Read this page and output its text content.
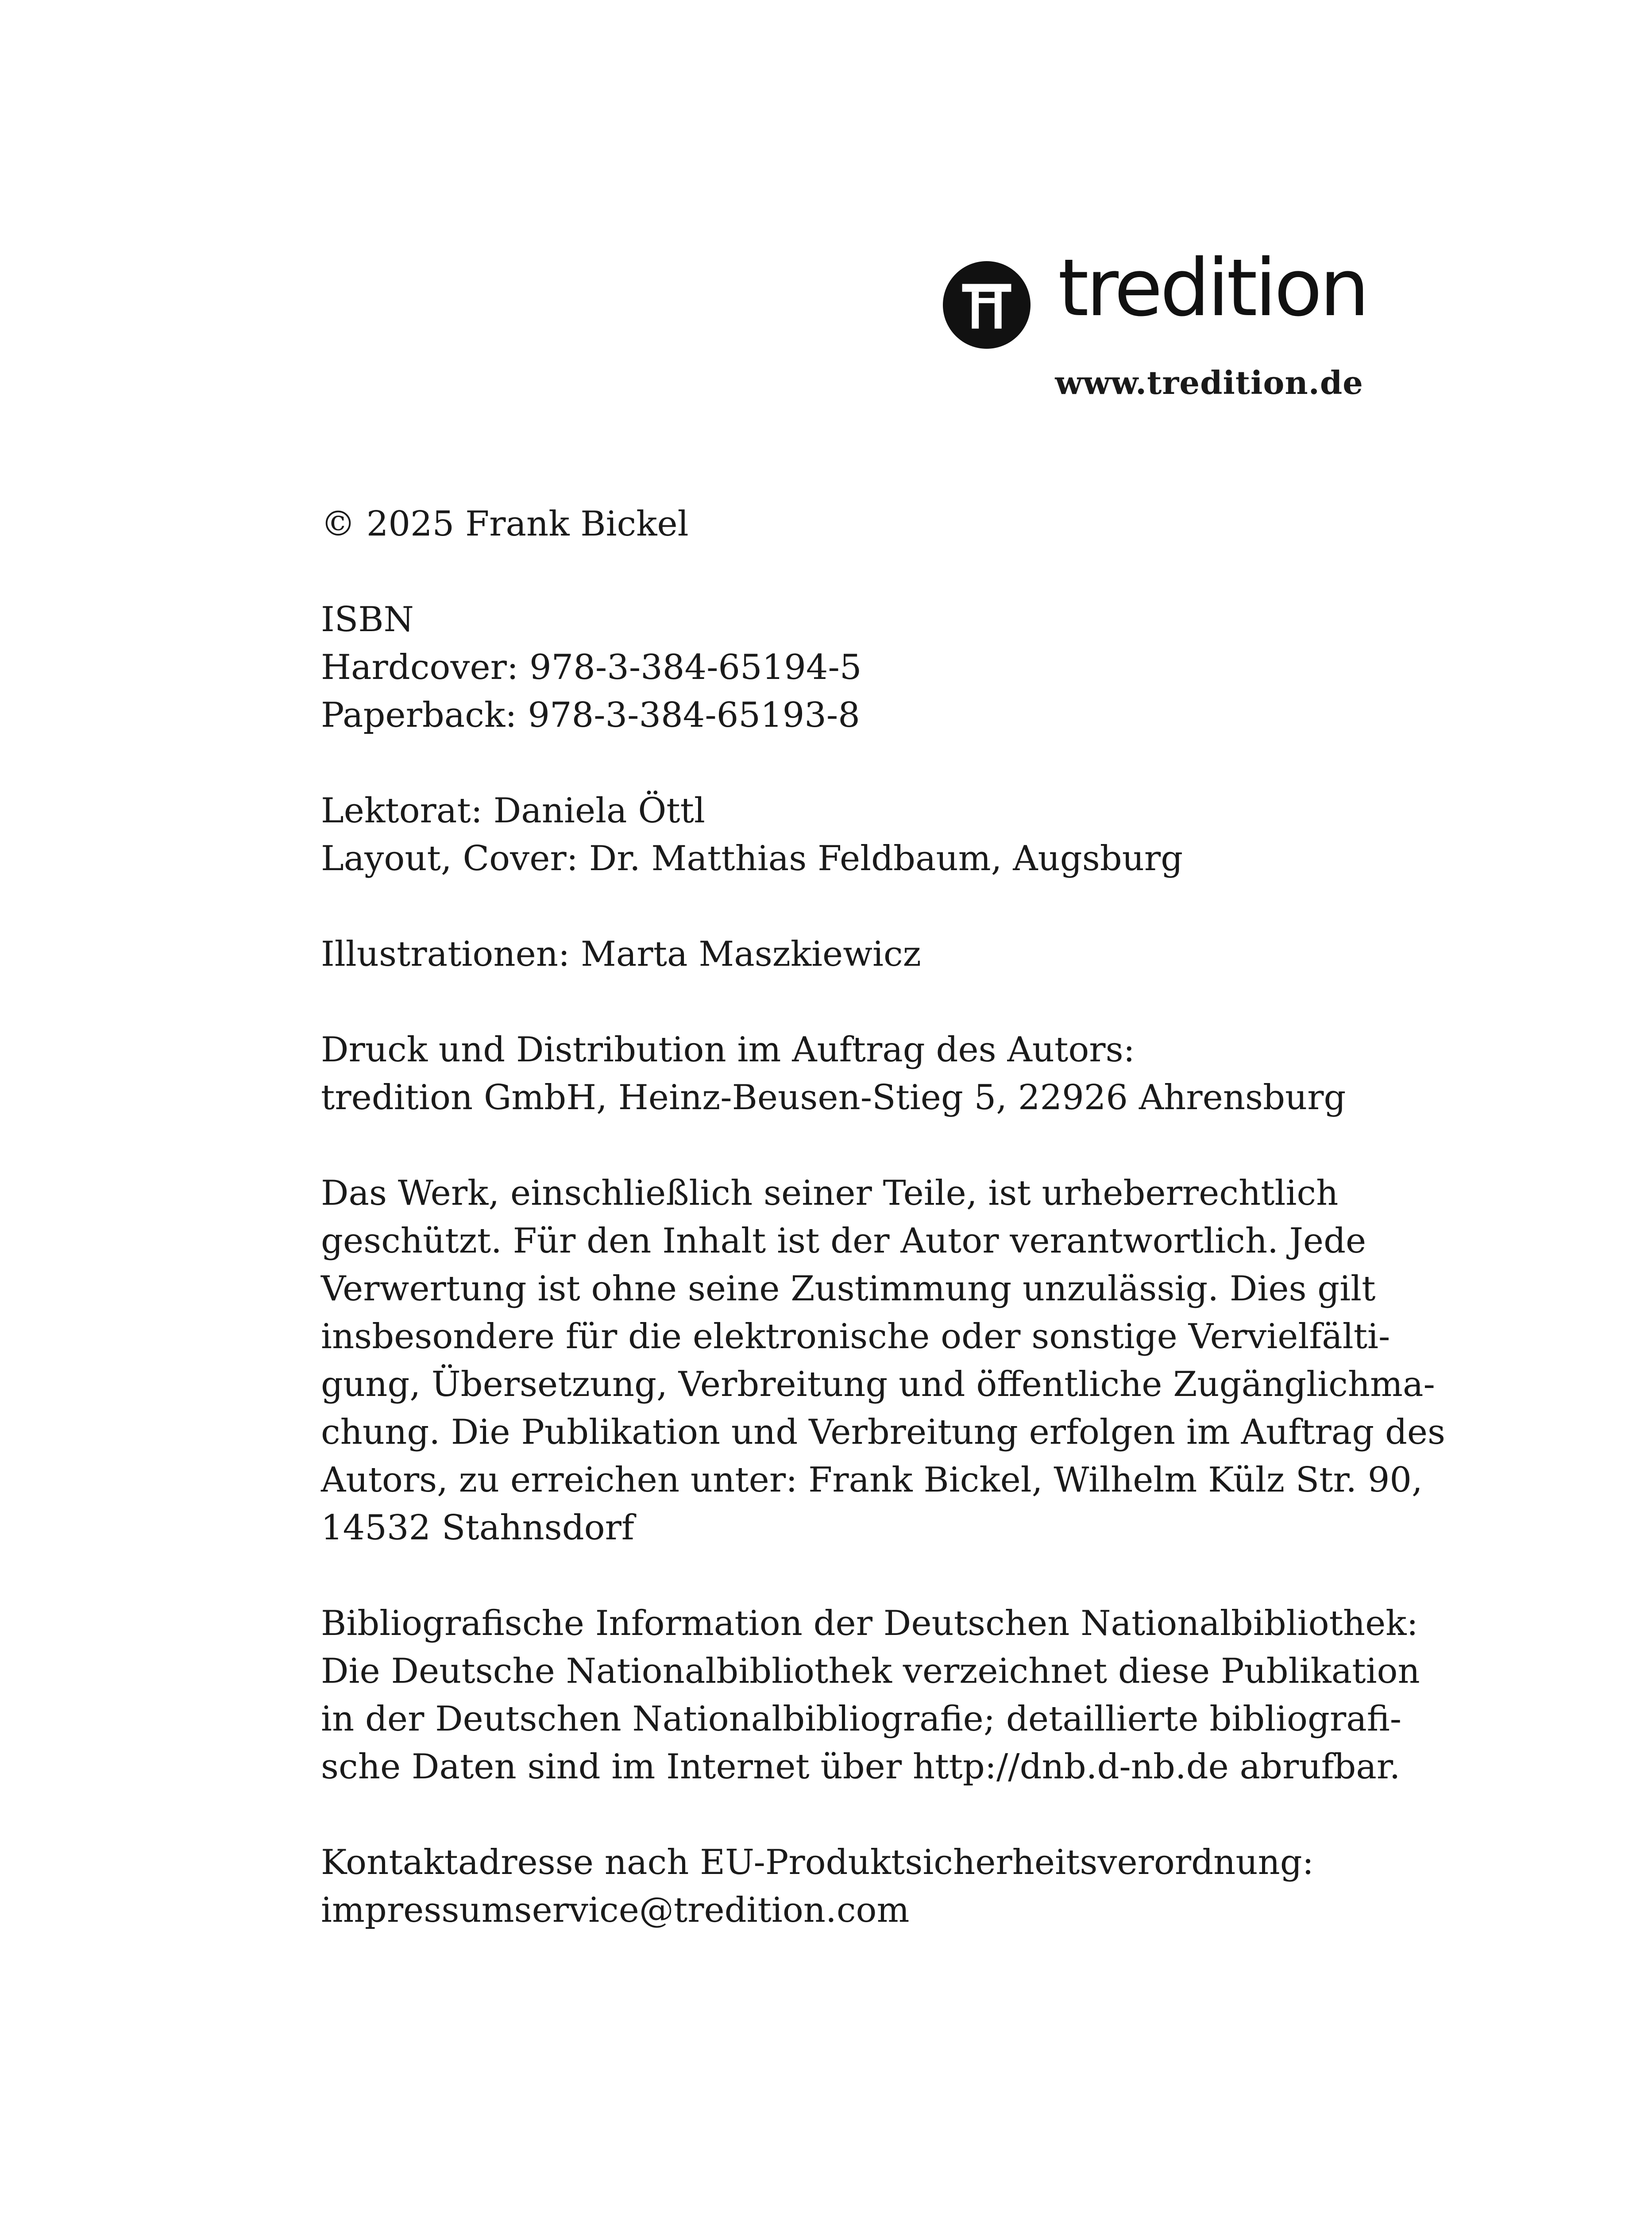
tredition
www.tredition.de

© 2025 Frank Bickel

ISBN

Hardcover: 978-3-384-65194-5

Paperback: 978-3-384-65193-8

Lektorat: Daniela Öttl

Layout, Cover: Dr. Matthias Feldbaum, Augsburg

Illustrationen: Marta Maszkiewicz

Druck und Distribution im Auftrag des Autors:

tredition GmbH, Heinz-Beusen-Stieg 5, 22926 Ahrensburg

Das Werk, einschließlich seiner Teile, ist urheberrechtlich

geschützt. Für den Inhalt ist der Autor verantwortlich. Jede

Verwertung ist ohne seine Zustimmung unzulässig. Dies gilt

insbesondere für die elektronische oder sonstige Vervielfälti-

gung, Übersetzung, Verbreitung und öffentliche Zugänglichma-

chung. Die Publikation und Verbreitung erfolgen im Auftrag des

Autors, zu erreichen unter: Frank Bickel, Wilhelm Külz Str. 90,

14532 Stahnsdorf

Bibliografische Information der Deutschen Nationalbibliothek:

Die Deutsche Nationalbibliothek verzeichnet diese Publikation

in der Deutschen Nationalbibliografie; detaillierte bibliografi-

sche Daten sind im Internet über http://dnb.d-nb.de abrufbar.

Kontaktadresse nach EU-Produktsicherheitsverordnung:

impressumservice@tredition.com
